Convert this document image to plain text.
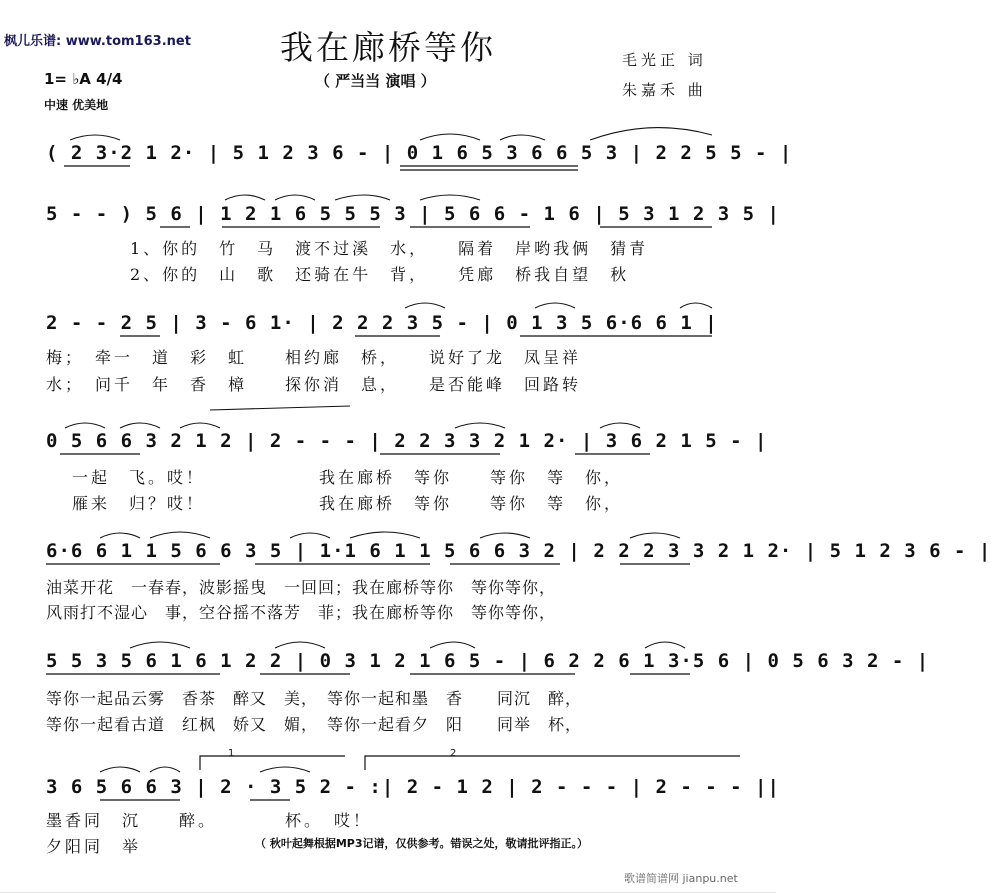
枫儿乐谱: www.tom163.net	我在廊桥等你
（ 严当当 演唱 ）
毛光正 词
朱嘉禾 曲
1= ♭A 4/4
中速 优美地
( 2 3·2 1 2· | 5 1 2 3 6 - | 0 1 6 5 3 6 6 5 3 | 2 2 5 5 - |
5 - - ) 5 6 | 1 2 1 6 5 5 5 3 | 5 6 6 - 1 6 | 5 3 1 2 3 5 |
1、你的　竹　马　渡不过溪　水，　　隔着　岸哟我俩　猜青
2、你的　山　歌　还骑在牛　背，　　凭廊　桥我自望　秋
2 - - 2 5 | 3 - 6 1· | 2 2 2 3 5 - | 0 1 3 5 6·6 6 1 |
梅；　牵一　道　彩　虹　　相约廊　桥，　　说好了龙　凤呈祥
水；　问千　年　香　樟　　探你消　息，　　是否能峰　回路转
0 5 6 6 3 2 1 2 | 2 - - - | 2 2 3 3 2 1 2· | 3 6 2 1 5 - |
一起　飞。哎！　　　　　　我在廊桥　等你　　等你　等　你，
雁来　归？哎！　　　　　　我在廊桥　等你　　等你　等　你，
6·6 6 1 1 5 6 6 3 5 | 1·1 6 1 1 5 6 6 3 2 | 2 2 2 3 3 2 1 2· | 5 1 2 3 6 - |
油菜开花　一春春，波影摇曳　一回回；我在廊桥等你　等你等你，
风雨打不湿心　事，空谷摇不落芳　菲；我在廊桥等你　等你等你，
5 5 3 5 6 1 6 1 2 2 | 0 3 1 2 1 6 5 - | 6 2 2 6 1 3·5 6 | 0 5 6 3 2 - |
等你一起品云雾　香茶　醉又　美，　等你一起和墨　香　　同沉　醉，
等你一起看古道　红枫　娇又　媚，　等你一起看夕　阳　　同举　杯，
1	2
3 6 5 6 6 3 | 2 · 3 5 2 - :| 2 - 1 2 | 2 - - - | 2 - - - ||
墨香同　沉　　醉。　　　　杯。　哎！
夕阳同　举	（ 秋叶起舞根据MP3记谱，仅供参考。错误之处，敬请批评指正。）
歌谱简谱网 jianpu.net
